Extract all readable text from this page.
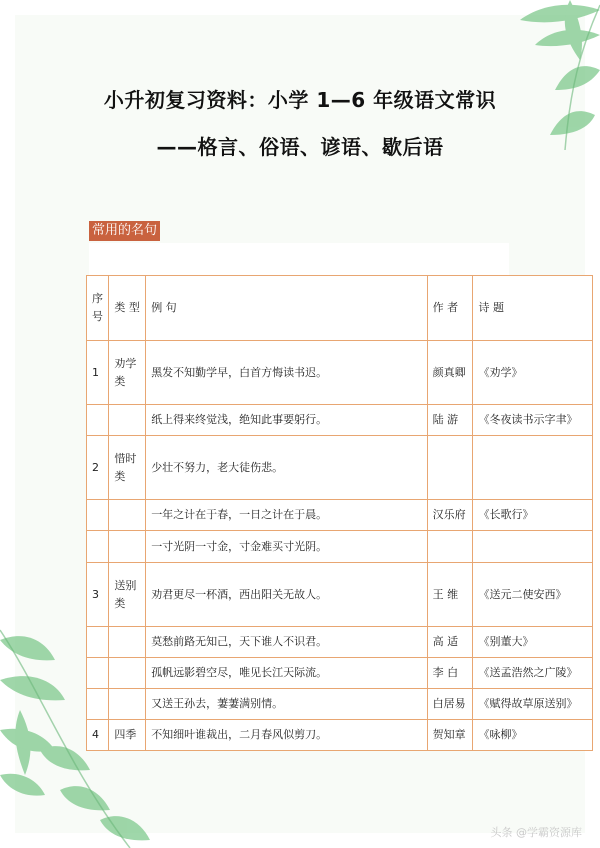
小升初复习资料：小学 1—6 年级语文常识
——格言、俗语、谚语、歇后语
常用的名句
序号	类 型	例 句	作 者	诗 题
1	劝学类	黑发不知勤学早，白首方悔读书迟。	颜真卿	《劝学》
		纸上得来终觉浅，绝知此事要躬行。	陆 游	《冬夜读书示字聿》
2	惜时类	少壮不努力，老大徒伤悲。		
		一年之计在于春，一日之计在于晨。	汉乐府	《长歌行》
		一寸光阴一寸金，寸金难买寸光阴。		
3	送别类	劝君更尽一杯酒，西出阳关无故人。	王 维	《送元二使安西》
		莫愁前路无知己，天下谁人不识君。	高 适	《别董大》
		孤帆远影碧空尽，唯见长江天际流。	李 白	《送孟浩然之广陵》
		又送王孙去，萋萋满别情。	白居易	《赋得故草原送别》
4	四季	不知细叶谁裁出，二月春风似剪刀。	贺知章	《咏柳》
头条 @学霸资源库
